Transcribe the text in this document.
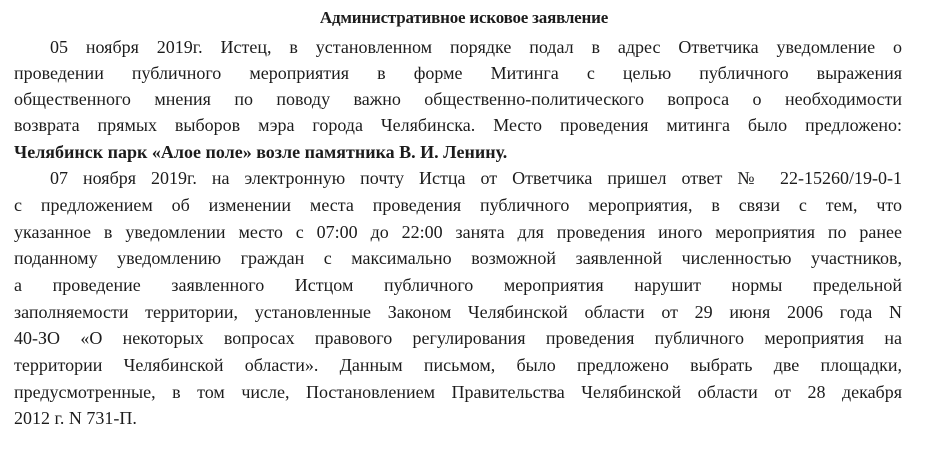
Административное исковое заявление
05 ноября 2019г. Истец, в установленном порядке подал в адрес Ответчика уведомление о
проведении публичного мероприятия в форме Митинга с целью публичного выражения
общественного мнения по поводу важно общественно-политического вопроса о необходимости
возврата прямых выборов мэра города Челябинска. Место проведения митинга было предложено:
Челябинск парк «Алое поле» возле памятника В. И. Ленину.
07 ноября 2019г. на электронную почту Истца от Ответчика пришел ответ № 22-15260/19-0-1
с предложением об изменении места проведения публичного мероприятия, в связи с тем, что
указанное в уведомлении место с 07:00 до 22:00 занята для проведения иного мероприятия по ранее
поданному уведомлению граждан с максимально возможной заявленной численностью участников,
а проведение заявленного Истцом публичного мероприятия нарушит нормы предельной
заполняемости территории, установленные Законом Челябинской области от 29 июня 2006 года N
40-ЗО «О некоторых вопросах правового регулирования проведения публичного мероприятия на
территории Челябинской области». Данным письмом, было предложено выбрать две площадки,
предусмотренные, в том числе, Постановлением Правительства Челябинской области от 28 декабря
2012 г. N 731-П.
